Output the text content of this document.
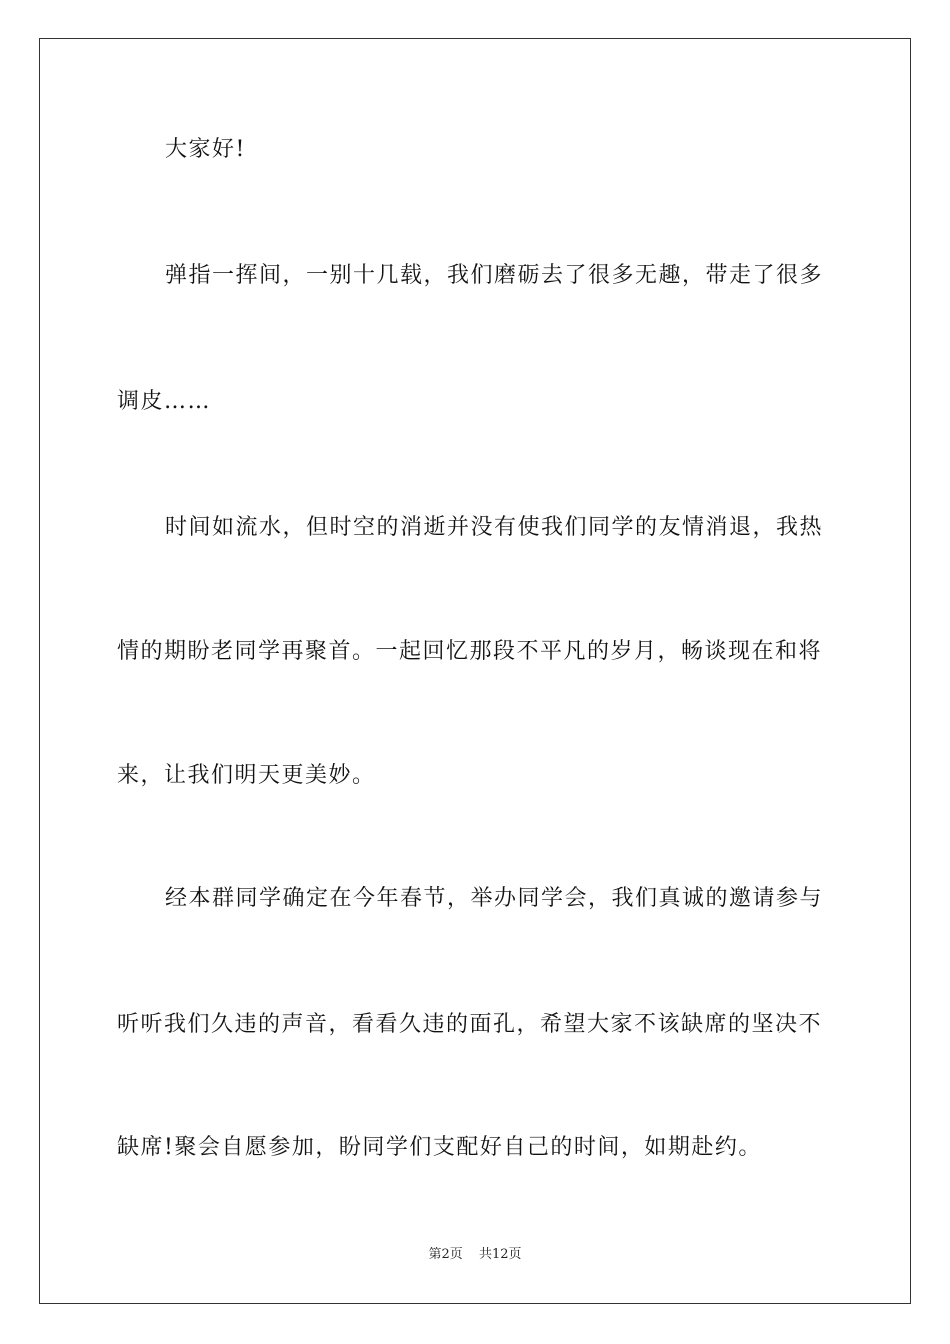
大家好!
弹指一挥间，一别十几载，我们磨砺去了很多无趣，带走了很多
调皮……
时间如流水，但时空的消逝并没有使我们同学的友情消退，我热
情的期盼老同学再聚首。一起回忆那段不平凡的岁月，畅谈现在和将
来，让我们明天更美妙。
经本群同学确定在今年春节，举办同学会，我们真诚的邀请参与
听听我们久违的声音，看看久违的面孔，希望大家不该缺席的坚决不
缺席!聚会自愿参加，盼同学们支配好自己的时间，如期赴约。
第2页 共12页
